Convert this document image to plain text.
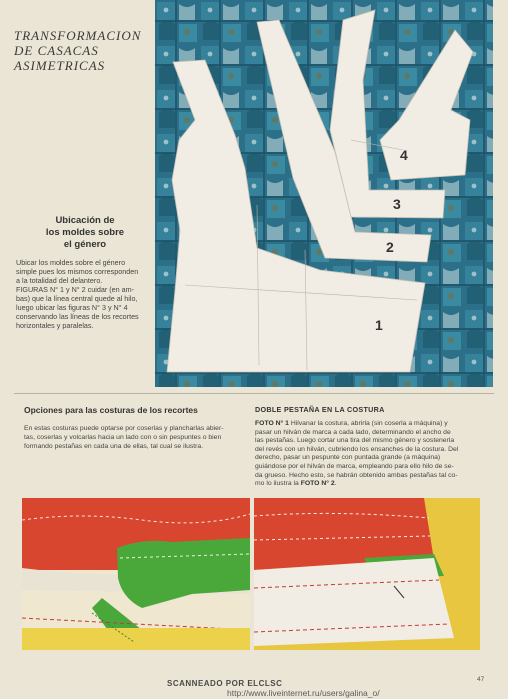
TRANSFORMACION
DE CASACAS
ASIMETRICAS
1
2
3
4
Ubicación de
los moldes sobre
el género

Ubicar los moldes sobre el género

simple pues los mismos corresponden

a la totalidad del delantero.

FIGURAS N° 1 y N° 2 cuidar (en am-

bas) que la línea central quede al hilo,

luego ubicar las figuras N° 3 y N° 4

conservando las líneas de los recortes

horizontales y paralelas.

Opciones para las costuras de los recortes
En estas costuras puede optarse por coserlas y plancharlas abier-
tas, coserlas y volcarlas hacia un lado con o sin pespuntes o bien
formando pestañas en cada una de ellas, tal cual se ilustra.
DOBLE PESTAÑA EN LA COSTURA
FOTO N° 1 Hilvanar la costura, abrirla (sin coserla a máquina) y
pasar un hilván de marca a cada lado, determinando el ancho de
las pestañas. Luego cortar una tira del mismo género y sostenerla
del revés con un hilván, cubriendo los ensanches de la costura. Del
derecho, pasar un pespunte con puntada grande (a máquina)
guiándose por el hilván de marca, empleando para ello hilo de se-
da grueso. Hecho esto, se habrán obtenido ambas pestañas tal co-
mo lo ilustra la FOTO N° 2.
SCANNEADO POR ELCLSC	47
http://www.liveinternet.ru/users/galina_o/
